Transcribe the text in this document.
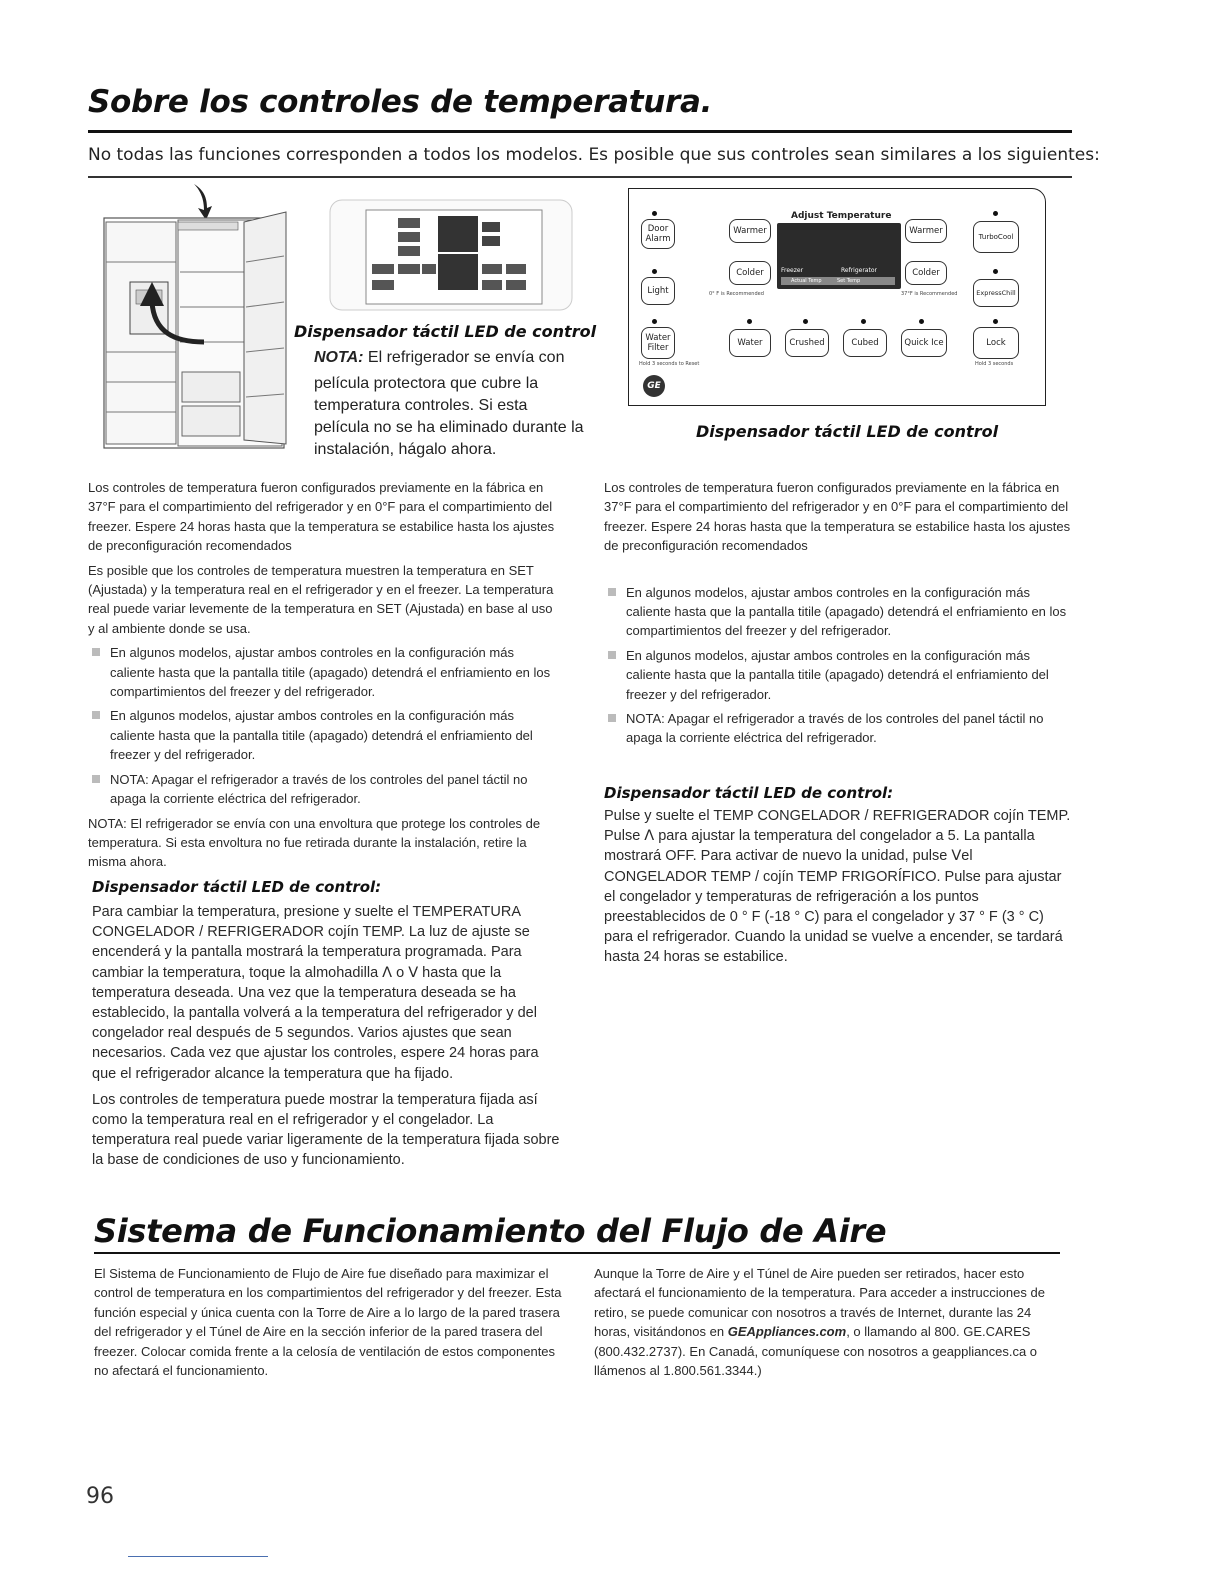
Sobre los controles de temperatura.
No todas las funciones corresponden a todos los modelos. Es posible que sus controles sean similares a los siguientes:
Dispensador táctil LED de control
NOTA: El refrigerador se envía con
película protectora que cubre la temperatura controles. Si esta película no se ha eliminado durante la instalación, hágalo ahora.
Adjust Temperature
Freezer	Refrigerator
Actual Temp	Set Temp
Door Alarm
Warmer	Warmer
TurboCool
Light
Colder
0° F is Recommended
Colder
37°F is Recommended	ExpressChill
Water Filter
Hold 3 seconds to Reset
Water	Crushed	Cubed	Quick Ice	Lock
Hold 3 seconds
GE
Dispensador táctil LED de control

Los controles de temperatura fueron configurados previamente en la fábrica en 37°F para el compartimiento del refrigerador y en 0°F para el compartimiento del freezer. Espere 24 horas hasta que la temperatura se estabilice hasta los ajustes de preconfiguración recomendados

Es posible que los controles de temperatura muestren la temperatura en SET (Ajustada) y la temperatura real en el refrigerador y en el freezer. La temperatura real puede variar levemente de la temperatura en SET (Ajustada) en base al uso y al ambiente donde se usa.

En algunos modelos, ajustar ambos controles en la configuración más caliente hasta que la pantalla titile (apagado) detendrá el enfriamiento en los compartimientos del freezer y del refrigerador.
En algunos modelos, ajustar ambos controles en la configuración más caliente hasta que la pantalla titile (apagado) detendrá el enfriamiento del freezer y del refrigerador.
NOTA: Apagar el refrigerador a través de los controles del panel táctil no apaga la corriente eléctrica del refrigerador.

NOTA: El refrigerador se envía con una envoltura que protege los controles de temperatura. Si esta envoltura no fue retirada durante la instalación, retire la misma ahora.

Dispensador táctil LED de control:

Para cambiar la temperatura, presione y suelte el TEMPERATURA CONGELADOR / REFRIGERADOR cojín TEMP. La luz de ajuste se encenderá y la pantalla mostrará la temperatura programada. Para cambiar la temperatura, toque la almohadilla ᐱ o ᐯ hasta que la temperatura deseada. Una vez que la temperatura deseada se ha establecido, la pantalla volverá a la temperatura del refrigerador y del congelador real después de 5 segundos. Varios ajustes que sean necesarios. Cada vez que ajustar los controles, espere 24 horas para que el refrigerador alcance la temperatura que ha fijado.

Los controles de temperatura puede mostrar la temperatura fijada así como la temperatura real en el refrigerador y el congelador. La temperatura real puede variar ligeramente de la temperatura fijada sobre la base de condiciones de uso y funcionamiento.

Los controles de temperatura fueron configurados previamente en la fábrica en 37°F para el compartimiento del refrigerador y en 0°F para el compartimiento del freezer. Espere 24 horas hasta que la temperatura se estabilice hasta los ajustes de preconfiguración recomendados

En algunos modelos, ajustar ambos controles en la configuración más caliente hasta que la pantalla titile (apagado) detendrá el enfriamiento en los compartimientos del freezer y del refrigerador.
En algunos modelos, ajustar ambos controles en la configuración más caliente hasta que la pantalla titile (apagado) detendrá el enfriamiento del freezer y del refrigerador.
NOTA: Apagar el refrigerador a través de los controles del panel táctil no apaga la corriente eléctrica del refrigerador.
Dispensador táctil LED de control:

Pulse y suelte el TEMP CONGELADOR / REFRIGERADOR cojín TEMP. Pulse ᐱ para ajustar la temperatura del congelador a 5. La pantalla mostrará OFF. Para activar de nuevo la unidad, pulse ᐯel CONGELADOR TEMP / cojín TEMP FRIGORÍFICO. Pulse para ajustar el congelador y temperaturas de refrigeración a los puntos preestablecidos de 0 ° F (-18 ° C) para el congelador y 37 ° F (3 ° C) para el refrigerador. Cuando la unidad se vuelve a encender, se tardará hasta 24 horas se estabilice.

Sistema de Funcionamiento del Flujo de Aire
El Sistema de Funcionamiento de Flujo de Aire fue diseñado para maximizar el control de temperatura en los compartimientos del refrigerador y del freezer. Esta función especial y única cuenta con la Torre de Aire a lo largo de la pared trasera del refrigerador y el Túnel de Aire en la sección inferior de la pared trasera del freezer. Colocar comida frente a la celosía de ventilación de estos componentes no afectará el funcionamiento.
Aunque la Torre de Aire y el Túnel de Aire pueden ser retirados, hacer esto afectará el funcionamiento de la temperatura. Para acceder a instrucciones de retiro, se puede comunicar con nosotros a través de Internet, durante las 24 horas, visitándonos en GEAppliances.com, o llamando al 800. GE.CARES (800.432.2737). En Canadá, comuníquese con nosotros a geappliances.ca o llámenos al 1.800.561.3344.)
96
